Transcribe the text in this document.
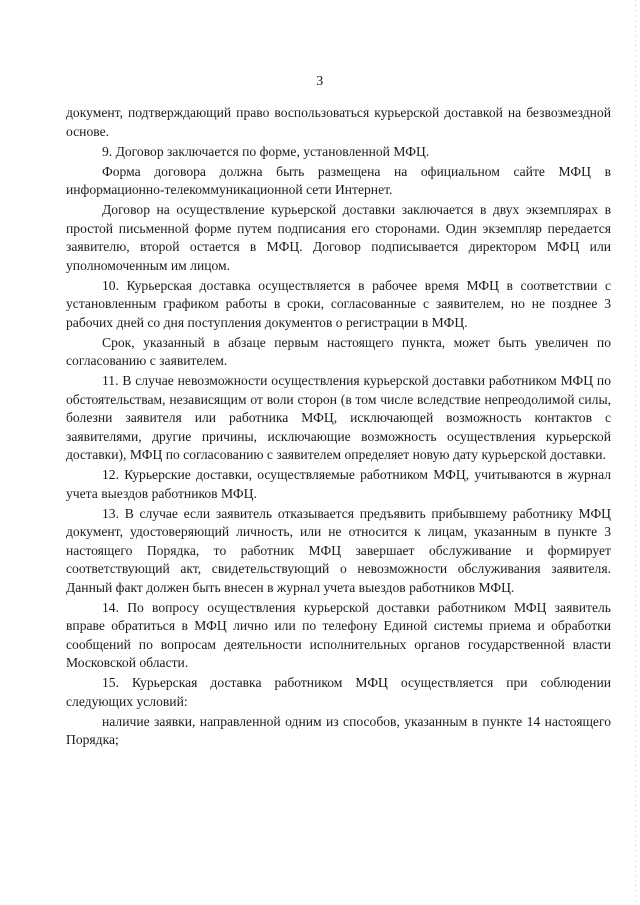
3

документ, подтверждающий право воспользоваться курьерской доставкой на безвозмездной основе.

9. Договор заключается по форме, установленной МФЦ.

Форма договора должна быть размещена на официальном сайте МФЦ в информационно-телекоммуникационной сети Интернет.

Договор на осуществление курьерской доставки заключается в двух экземплярах в простой письменной форме путем подписания его сторонами. Один экземпляр передается заявителю, второй остается в МФЦ. Договор подписывается директором МФЦ или уполномоченным им лицом.

10. Курьерская доставка осуществляется в рабочее время МФЦ в соответствии с установленным графиком работы в сроки, согласованные с заявителем, но не позднее 3 рабочих дней со дня поступления документов о регистрации в МФЦ.

Срок, указанный в абзаце первым настоящего пункта, может быть увеличен по согласованию с заявителем.

11. В случае невозможности осуществления курьерской доставки работником МФЦ по обстоятельствам, независящим от воли сторон (в том числе вследствие непреодолимой силы, болезни заявителя или работника МФЦ, исключающей возможность контактов с заявителями, другие причины, исключающие возможность осуществления курьерской доставки), МФЦ по согласованию с заявителем определяет новую дату курьерской доставки.

12. Курьерские доставки, осуществляемые работником МФЦ, учитываются в журнал учета выездов работников МФЦ.

13. В случае если заявитель отказывается предъявить прибывшему работнику МФЦ документ, удостоверяющий личность, или не относится к лицам, указанным в пункте 3 настоящего Порядка, то работник МФЦ завершает обслуживание и формирует соответствующий акт, свидетельствующий о невозможности обслуживания заявителя. Данный факт должен быть внесен в журнал учета выездов работников МФЦ.

14. По вопросу осуществления курьерской доставки работником МФЦ заявитель вправе обратиться в МФЦ лично или по телефону Единой системы приема и обработки сообщений по вопросам деятельности исполнительных органов государственной власти Московской области.

15. Курьерская доставка работником МФЦ осуществляется при соблюдении следующих условий:

наличие заявки, направленной одним из способов, указанным в пункте 14 настоящего Порядка;
